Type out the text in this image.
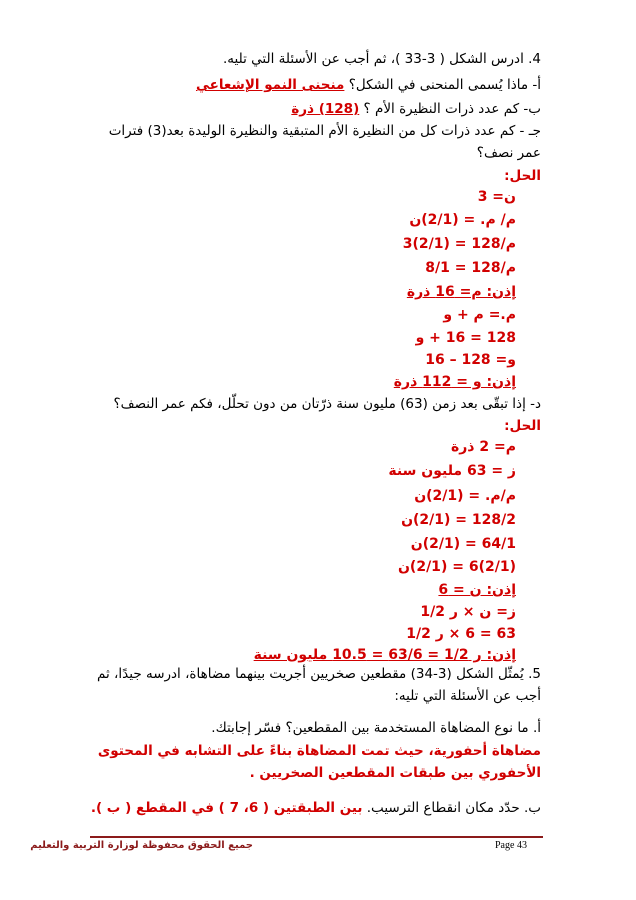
4. ادرس الشكل ( 3-33 )، ثم أجب عن الأسئلة التي تليه.
أ- ماذا يُسمى المنحنى في الشكل؟ منحنى النمو الإشعاعي
ب- كم عدد ذرات النظيرة الأم ؟ (128) ذرة
جـ - كم عدد ذرات كل من النظيرة الأم المتبقية والنظيرة الوليدة بعد(3) فترات عمر نصف؟
الحل:
ن= 3
م/ م. = (2/1)ن
م/128 = (2/1)3
م/128 = 8/1
إذن: م= 16 ذرة
م.= م + و
128 = 16 + و
و= 128 – 16
إذن: و = 112 ذرة
د- إذا تبقّى بعد زمن (63) مليون سنة ذرّتان من دون تحلّل، فكم عمر النصف؟
الحل:
م= 2 ذرة
ز = 63 مليون سنة
م/م. = (2/1)ن
128/2 = (2/1)ن
64/1 = (2/1)ن
(2/1)6 = (2/1)ن
إذن: ن = 6
ز= ن × ر 1/2
63 = 6 × ر 1/2
إذن: ر 1/2 = 63/6 = 10.5 مليون سنة
5. يُمثّل الشكل (3-34) مقطعين صخريين أجريت بينهما مضاهاة، ادرسه جيدًا، ثم أجب عن الأسئلة التي تليه:
أ. ما نوع المضاهاة المستخدمة بين المقطعين؟ فسّر إجابتك.
مضاهاة أحفورية، حيث تمت المضاهاة بناءً على التشابه في المحتوى الأحفوري بين طبقات المقطعين الصخريين .
ب. حدّد مكان انقطاع الترسيب. بين الطبقتين ( 6، 7 ) في المقطع ( ب ).
Page 43
جميع الحقوق محفوظة لوزارة التربية والتعليم
